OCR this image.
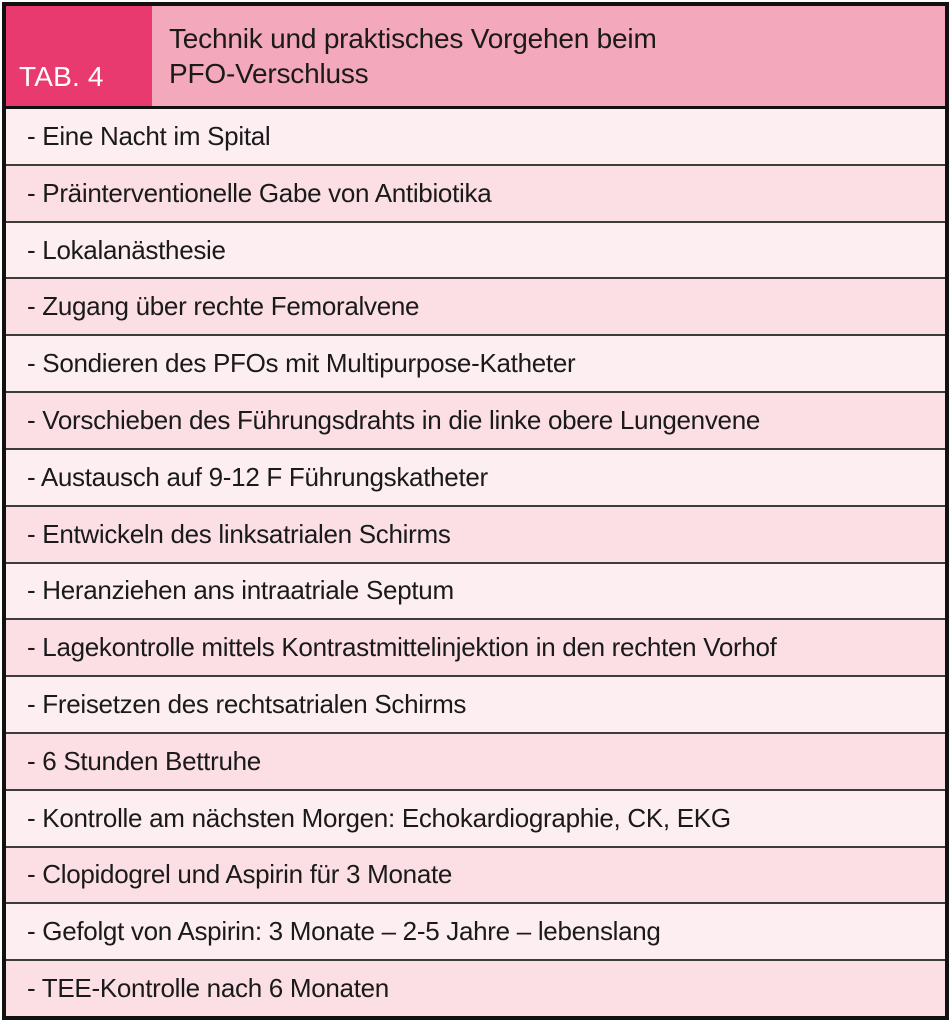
TAB. 4
Technik und praktisches Vorgehen beim
PFO-Verschluss
- Eine Nacht im Spital
- Präinterventionelle Gabe von Antibiotika
- Lokalanästhesie
- Zugang über rechte Femoralvene
- Sondieren des PFOs mit Multipurpose-Katheter
- Vorschieben des Führungsdrahts in die linke obere Lungenvene
- Austausch auf 9-12 F Führungskatheter
- Entwickeln des linksatrialen Schirms
- Heranziehen ans intraatriale Septum
- Lagekontrolle mittels Kontrastmittelinjektion in den rechten Vorhof
- Freisetzen des rechtsatrialen Schirms
- 6 Stunden Bettruhe
- Kontrolle am nächsten Morgen: Echokardiographie, CK, EKG
- Clopidogrel und Aspirin für 3 Monate
- Gefolgt von Aspirin: 3 Monate – 2-5 Jahre – lebenslang
- TEE-Kontrolle nach 6 Monaten
